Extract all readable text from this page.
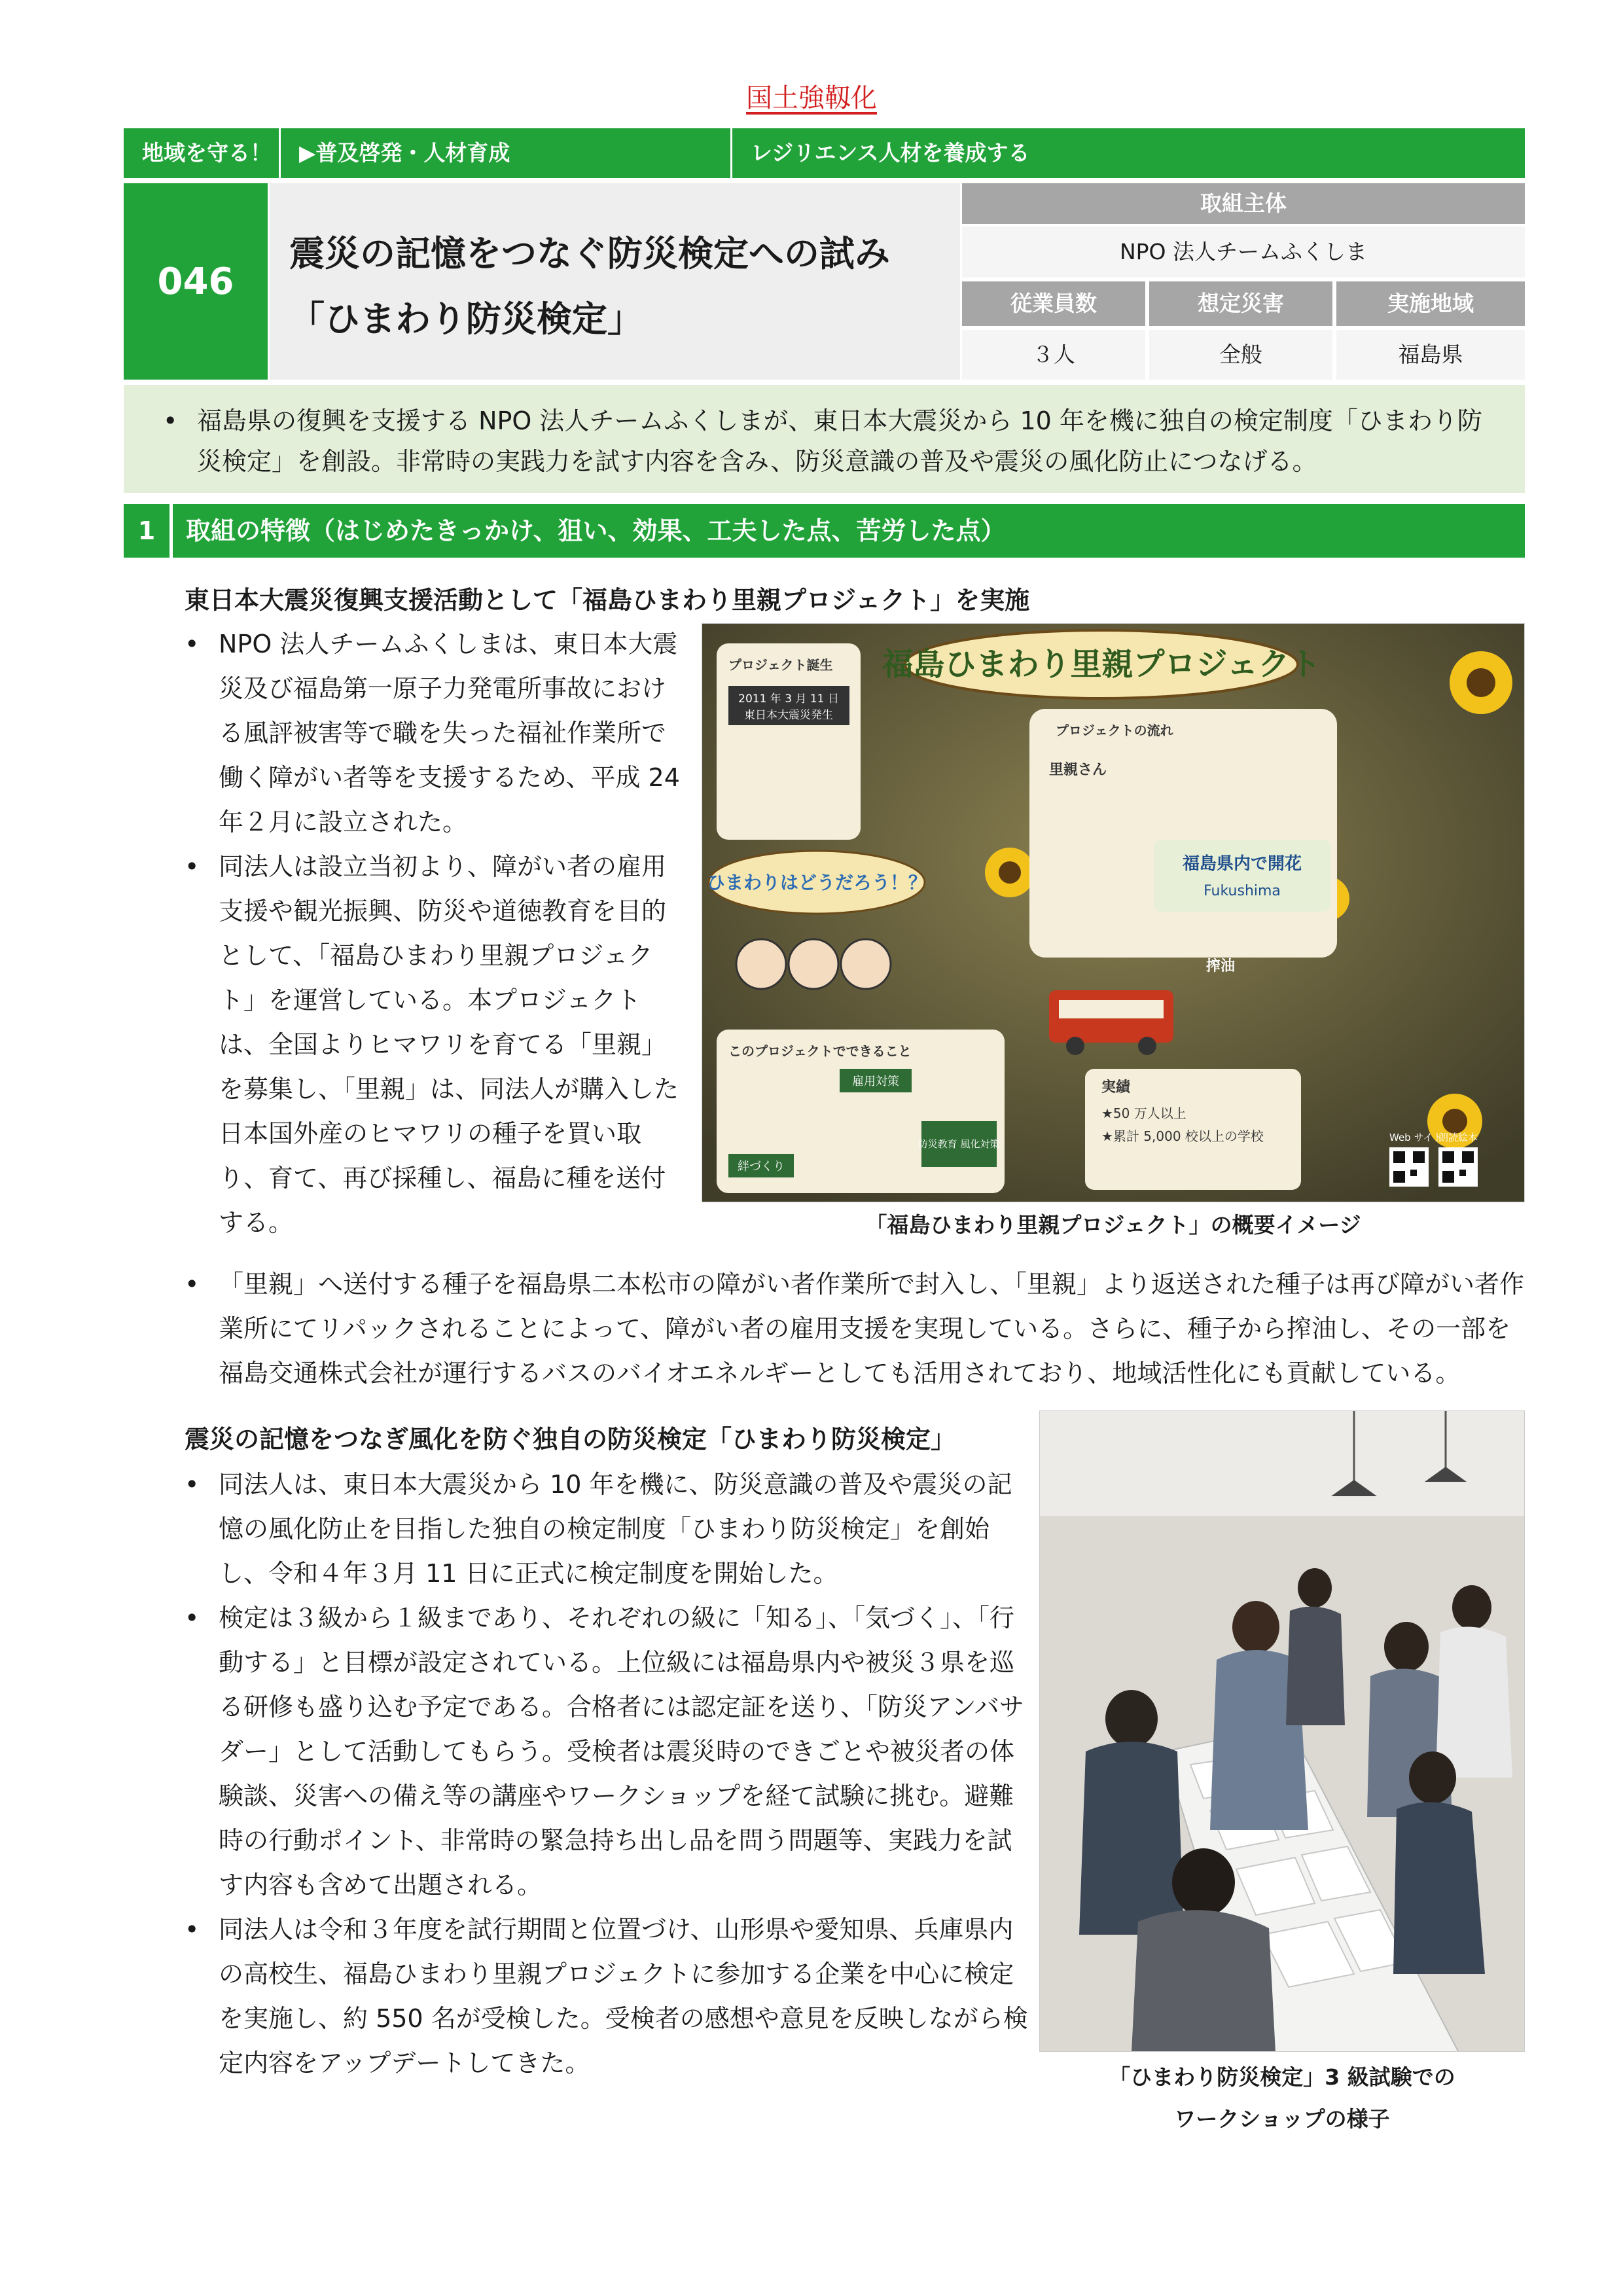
国土強靱化
地域を守る！	▶普及啓発・人材育成	レジリエンス人材を養成する
046
震災の記憶をつなぐ防災検定への試み
「ひまわり防災検定」
取組主体
NPO 法人チームふくしま
従業員数	想定災害	実施地域
３人	全般	福島県
• 福島県の復興を支援する NPO 法人チームふくしまが、東日本大震災から 10 年を機に独自の検定制度「ひまわり防災検定」を創設。非常時の実践力を試す内容を含み、防災意識の普及や震災の風化防止につなげる。
1	取組の特徴（はじめたきっかけ、狙い、効果、工夫した点、苦労した点）
東日本大震災復興支援活動として「福島ひまわり里親プロジェクト」を実施

• NPO 法人チームふくしまは、東日本大震災及び福島第一原子力発電所事故における風評被害等で職を失った福祉作業所で働く障がい者等を支援するため、平成 24 年２月に設立された。

• 同法人は設立当初より、障がい者の雇用支援や観光振興、防災や道徳教育を目的として、「福島ひまわり里親プロジェクト」を運営している。本プロジェクトは、全国よりヒマワリを育てる「里親」を募集し、「里親」は、同法人が購入した日本国外産のヒマワリの種子を買い取り、育て、再び採種し、福島に種を送付する。

福島ひまわり里親プロジェクト
プロジェクト誕生
2011 年 3 月 11 日
東日本大震災発生
プロジェクトの流れ
里親さん
福島県内で開花
Fukushima
搾油
ひまわりはどうだろう！？
このプロジェクトでできること
雇用対策
絆づくり
防災教育 風化対策
実績
★50 万人以上
★累計 5,000 校以上の学校	Web サイト
朗読絵本
「福島ひまわり里親プロジェクト」の概要イメージ

• 「里親」へ送付する種子を福島県二本松市の障がい者作業所で封入し、「里親」より返送された種子は再び障がい者作業所にてリパックされることによって、障がい者の雇用支援を実現している。さらに、種子から搾油し、その一部を福島交通株式会社が運行するバスのバイオエネルギーとしても活用されており、地域活性化にも貢献している。

震災の記憶をつなぎ風化を防ぐ独自の防災検定「ひまわり防災検定」

• 同法人は、東日本大震災から 10 年を機に、防災意識の普及や震災の記憶の風化防止を目指した独自の検定制度「ひまわり防災検定」を創始し、令和４年３月 11 日に正式に検定制度を開始した。

• 検定は３級から１級まであり、それぞれの級に「知る」、「気づく」、「行動する」と目標が設定されている。上位級には福島県内や被災３県を巡る研修も盛り込む予定である。合格者には認定証を送り、「防災アンバサダー」として活動してもらう。受検者は震災時のできごとや被災者の体験談、災害への備え等の講座やワークショップを経て試験に挑む。避難時の行動ポイント、非常時の緊急持ち出し品を問う問題等、実践力を試す内容も含めて出題される。

• 同法人は令和３年度を試行期間と位置づけ、山形県や愛知県、兵庫県内の高校生、福島ひまわり里親プロジェクトに参加する企業を中心に検定を実施し、約 550 名が受検した。受検者の感想や意見を反映しながら検定内容をアップデートしてきた。	「ひまわり防災検定」3 級試験での
ワークショップの様子
